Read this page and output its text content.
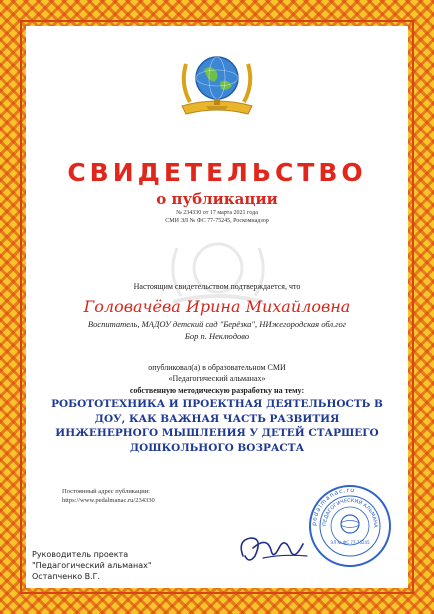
СВИДЕТЕЛЬСТВО
о публикации
№ 234330 от 17 марта 2021 года
СМИ ЭЛ № ФС 77-75245, Роскомнадзор
Настоящим свидетельством подтверждается, что
Головачёва Ирина Михайловна
Воспитатель, МАДОУ детский сад "Берёзка", НИжегородская обл.гог
Бор п. Неклюдово
опубликовал(а) в образовательном СМИ
«Педагогический альманах»
собственную методическую разработку на тему:
РОБОТОТЕХНИКА И ПРОЕКТНАЯ ДЕЯТЕЛЬНОСТЬ В
ДОУ, КАК ВАЖНАЯ ЧАСТЬ РАЗВИТИЯ
ИНЖЕНЕРНОГО МЫШЛЕНИЯ У ДЕТЕЙ СТАРШЕГО
ДОШКОЛЬНОГО ВОЗРАСТА
Постоянный адрес публикации:
https://www.pedalmanac.ru/234330
Руководитель проекта
"Педагогический альманах"
Остапченко В.Г.
pedalmanac.ru
ПЕДАГОГИЧЕСКИЙ АЛЬМАНА
ЭЛ № ФС 77-75245
